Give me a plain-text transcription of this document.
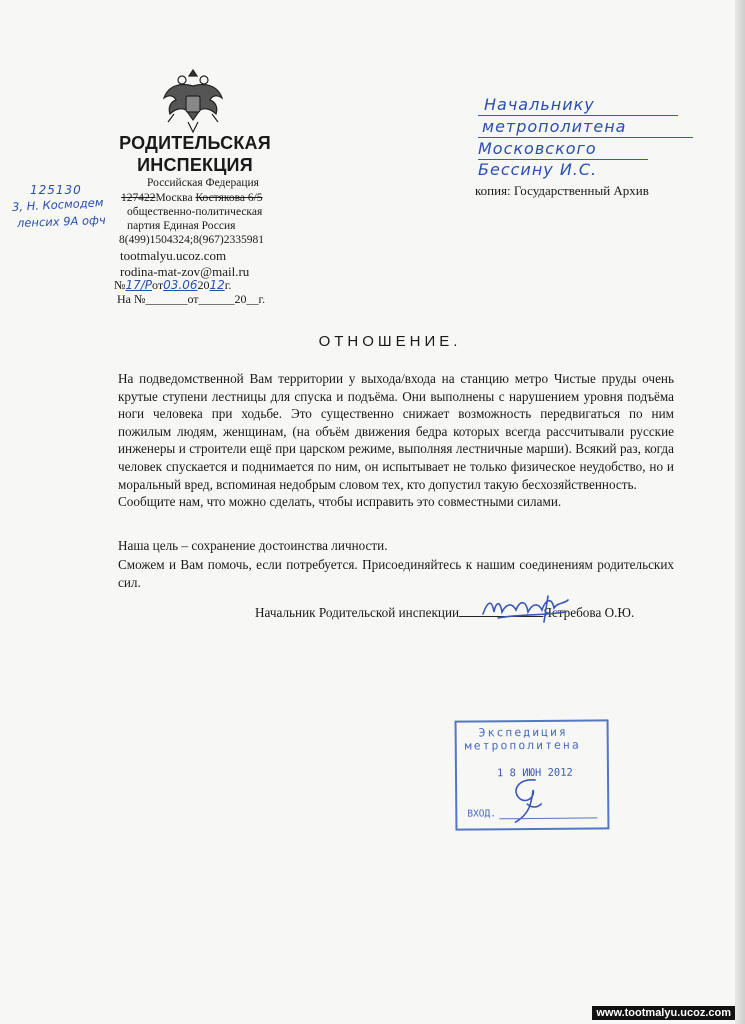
РОДИТЕЛЬСКАЯ
ИНСПЕКЦИЯ
Российская Федерация
127422Москва Костякова 6/5
общественно-политическая
партия Единая Россия
8(499)1504324;8(967)2335981
tootmalyu.ucoz.com
rodina-mat-zov@mail.ru
№17/Рот03.062012г.
На №_______от______20__г.
125130
3, Н. Космодем
ленсих 9А офч
Начальнику
метрополитена
Московского
Бессину И.С.
копия: Государственный Архив
ОТНОШЕНИЕ.

На подведомственной Вам территории у выхода/входа на станцию метро Чистые пруды очень крутые ступени лестницы для спуска и подъёма. Они выполнены с нарушением уровня подъёма ноги человека при ходьбе. Это существенно снижает возможность передвигаться по ним пожилым людям, женщинам, (на объём движения бедра которых всегда рассчитывали русские инженеры и строители ещё при царском режиме, выполняя лестничные марши). Всякий раз, когда человек спускается и поднимается по ним, он испытывает не только физическое неудобство, но и моральный вред, вспоминая недобрым словом тех, кто допустил такую бесхозяйственность.

Сообщите нам, что можно сделать, чтобы исправить это совместными силами.

Наша цель – сохранение достоинства личности.
Сможем и Вам помочь, если потребуется. Присоединяйтесь к нашим соединениям родительских сил.
Начальник Родительской инспекции	Ястребова О.Ю.
Экспедиция
метрополитена
1 8 ИЮН 2012
ВХОД.
www.tootmalyu.ucoz.com
